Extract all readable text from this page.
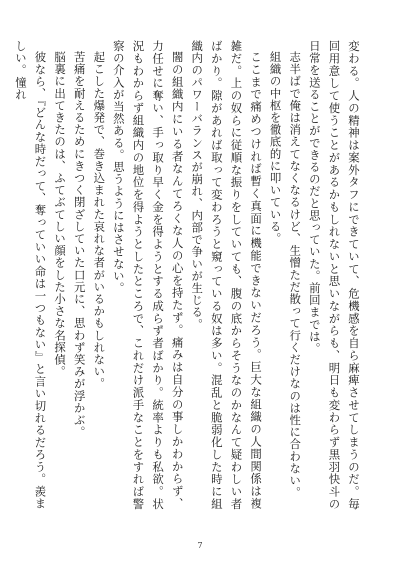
変わる。人の精神は案外タフにできていて、危機感を自ら麻痺させてしまうのだ。毎回用意して使うことがあるかもしれないと思いながらも、明日も変わらず黒羽快斗の日常を送ることができるのだと思っていた。前回までは。

志半ばで俺は消えてなくなるけど、生憎ただ散って行くだけなのは性に合わない。

組織の中枢を徹底的に叩いている。

ここまで痛めつければ暫く真面に機能できないだろう。巨大な組織の人間関係は複雑だ。上の奴らに従順な振りをしていても、腹の底からそうなのかなんて疑わしい者ばかり。隙があれば取って変わろうと窺っている奴は多い。混乱と脆弱化した時に組織内のパワーバランスが崩れ、内部で争いが生じる。

闇の組織内にいる者なんてろくな人の心を持たず。痛みは自分の事しかわからず、力任せに奪い、手っ取り早く金を得ようとする成らず者ばかり。統率よりも私欲。状況もわからず組織内の地位を得ようとしたところで、これだけ派手なことをすれば警察の介入が当然ある。思うようにはさせない。

起こした爆発で、巻き込まれた哀れな者がいるかもしれない。

苦痛を耐えるためにきつく閉ざしていた口元に、思わず笑みが浮かぶ。

脳裏に出てきたのは、ふてぶてしい顔をした小さな名探偵。

彼なら、『どんな時だって、奪っていい命は一つもない』と言い切れるだろう。羨ましい。憧れ

7
